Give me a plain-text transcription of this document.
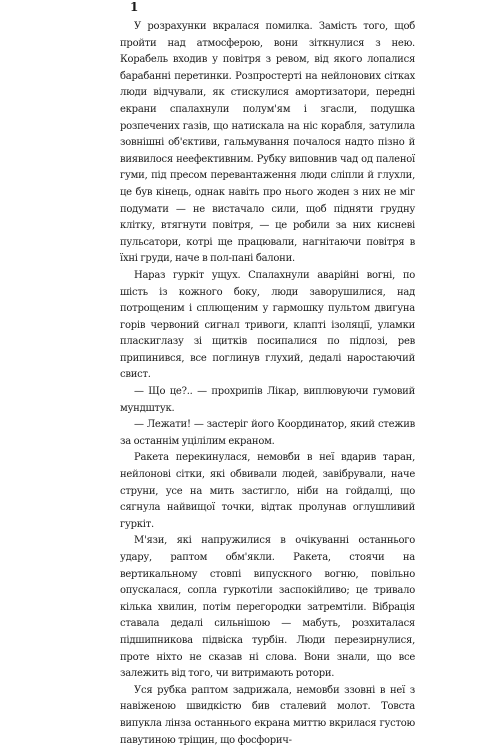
1

У розрахунки вкралася помилка. Замість того, щоб пройти над атмосферою, вони зіткнулися з нею. Корабель входив у повітря з ревом, від якого лопалися барабанні перетинки. Розпростерті на нейлонових сітках люди відчували, як стискулися амортизатори, передні екрани спалахнули полум'ям і згасли, подушка розпечених газів, що натискала на ніс корабля, затулила зовнішні об'єктиви, гальмування почалося надто пізно й виявилося неефективним. Рубку виповнив чад од паленої гуми, під пресом перевантаження люди сліпли й глухли, це був кінець, однак навіть про нього жоден з них не міг подумати — не вистачало сили, щоб підняти грудну клітку, втягнути повітря, — це робили за них кисневі пульсатори, котрі ще працювали, нагнітаючи повітря в їхні груди, наче в пол-пані балони.

Нараз гуркіт ущух. Спалахнули аварійні вогні, по шість із кожного боку, люди заворушилися, над потрощеним і сплющеним у гармошку пультом двигуна горів червоний сигнал тривоги, клапті ізоляції, уламки пласкиглазу зі щитків посипалися по підлозі, рев припинився, все поглинув глухий, дедалі наростаючий свист.

— Що це?.. — прохрипів Лікар, виплювуючи гумовий мундштук.

— Лежати! — застеріг його Координатор, який стежив за останнім уцілілим екраном.

Ракета перекинулася, немовби в неї вдарив таран, нейлонові сітки, які обвивали людей, завібрували, наче струни, усе на мить застигло, ніби на гойдалці, що сягнула найвищої точки, відтак пролунав оглушливий гуркіт.

М'язи, які напружилися в очікуванні останнього удару, раптом обм'якли. Ракета, стоячи на вертикальному стовпі випускного вогню, повільно опускалася, сопла гуркотіли заспокійливо; це тривало кілька хвилин, потім перегородки затремтіли. Вібрація ставала дедалі сильнішою — мабуть, розхиталася підшипникова підвіска турбін. Люди перезирнулися, проте ніхто не сказав ні слова. Вони знали, що все залежить від того, чи витримають ротори.

Уся рубка раптом задрижала, немовби ззовні в неї з навіженою швидкістю бив сталевий молот. Товста випукла лінза останнього екрана миттю вкрилася густою павутиною тріщин, що фосфорич-
